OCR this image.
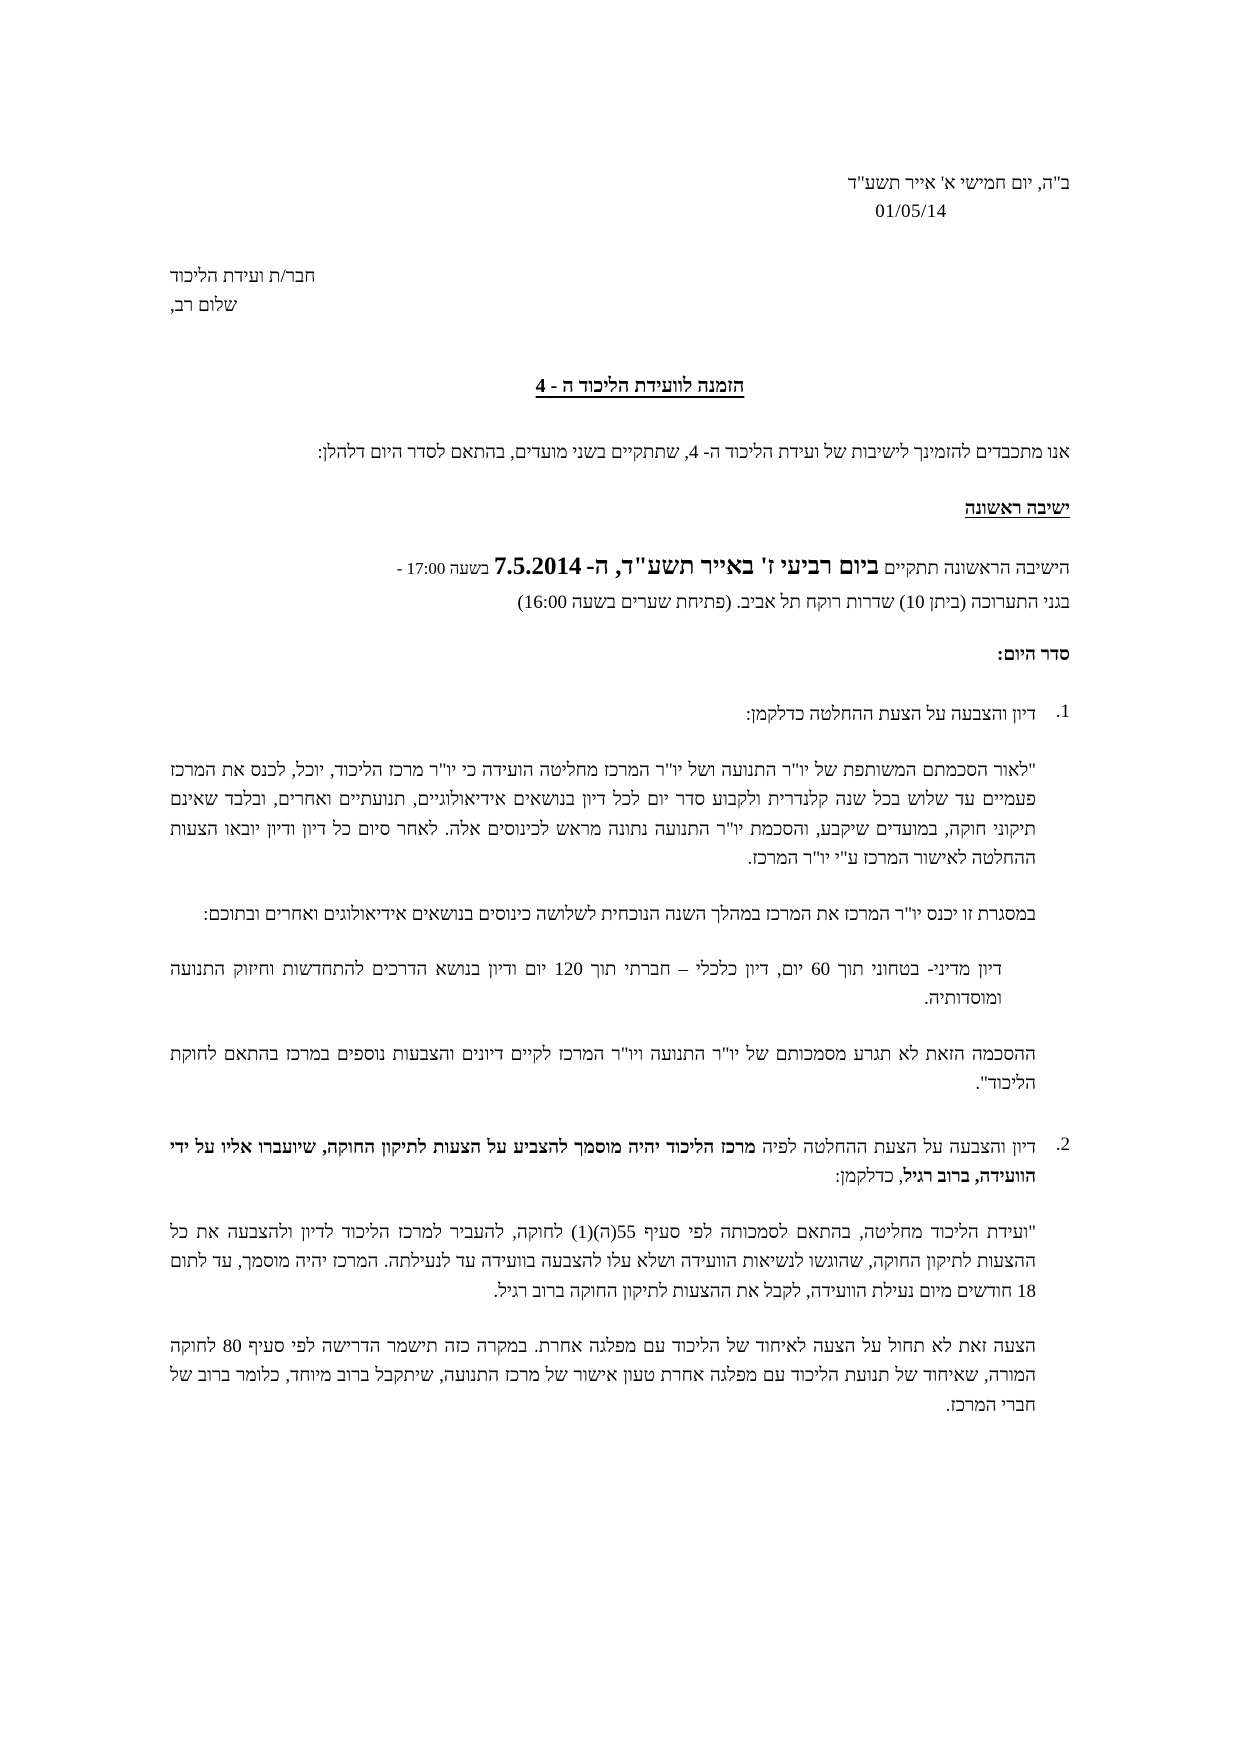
ב"ה, יום חמישי א' אייר תשע"ד
01/05/14
חבר/ת ועידת הליכוד
שלום רב,
הזמנה לוועידת הליכוד ה - 4
אנו מתכבדים להזמינך לישיבות של ועידת הליכוד ה- 4, שתתקיים בשני מועדים, בהתאם לסדר היום דלהלן:
ישיבה ראשונה
הישיבה הראשונה תתקיים ביום רביעי ז' באייר תשע"ד, ה- 7.5.2014 בשעה 17:00 -
בגני התערוכה (ביתן 10) שדרות רוקח תל אביב. (פתיחת שערים בשעה 16:00)
סדר היום:
1.
דיון והצבעה על הצעת ההחלטה כדלקמן:
"לאור הסכמתם המשותפת של יו"ר התנועה ושל יו"ר המרכז מחליטה הועידה כי יו"ר מרכז הליכוד, יוכל, לכנס את המרכז פעמיים עד שלוש בכל שנה קלנדרית ולקבוע סדר יום לכל דיון בנושאים אידיאולוגיים, תנועתיים ואחרים, ובלבד שאינם תיקוני חוקה, במועדים שיקבע, והסכמת יו"ר התנועה נתונה מראש לכינוסים אלה. לאחר סיום כל דיון ודיון יובאו הצעות ההחלטה לאישור המרכז ע"י יו"ר המרכז.
במסגרת זו יכנס יו"ר המרכז את המרכז במהלך השנה הנוכחית לשלושה כינוסים בנושאים אידיאולוגים ואחרים ובתוכם:
דיון מדיני- בטחוני תוך 60 יום, דיון כלכלי – חברתי תוך 120 יום ודיון בנושא הדרכים להתחדשות וחיזוק התנועה ומוסדותיה.
ההסכמה הזאת לא תגרע מסמכותם של יו"ר התנועה ויו"ר המרכז לקיים דיונים והצבעות נוספים במרכז בהתאם לחוקת הליכוד".
2.
דיון והצבעה על הצעת ההחלטה לפיה מרכז הליכוד יהיה מוסמך להצביע על הצעות לתיקון החוקה, שיועברו אליו על ידי הוועידה, ברוב רגיל, כדלקמן:
"ועידת הליכוד מחליטה, בהתאם לסמכותה לפי סעיף 55(ה)(1) לחוקה, להעביר למרכז הליכוד לדיון ולהצבעה את כל ההצעות לתיקון החוקה, שהוגשו לנשיאות הוועידה ושלא עלו להצבעה בוועידה עד לנעילתה. המרכז יהיה מוסמך, עד לתום 18 חודשים מיום נעילת הוועידה, לקבל את ההצעות לתיקון החוקה ברוב רגיל.
הצעה זאת לא תחול על הצעה לאיחוד של הליכוד עם מפלגה אחרת. במקרה כזה תישמר הדרישה לפי סעיף 80 לחוקה המורה, שאיחוד של תנועת הליכוד עם מפלגה אחרת טעון אישור של מרכז התנועה, שיתקבל ברוב מיוחד, כלומר ברוב של חברי המרכז.
